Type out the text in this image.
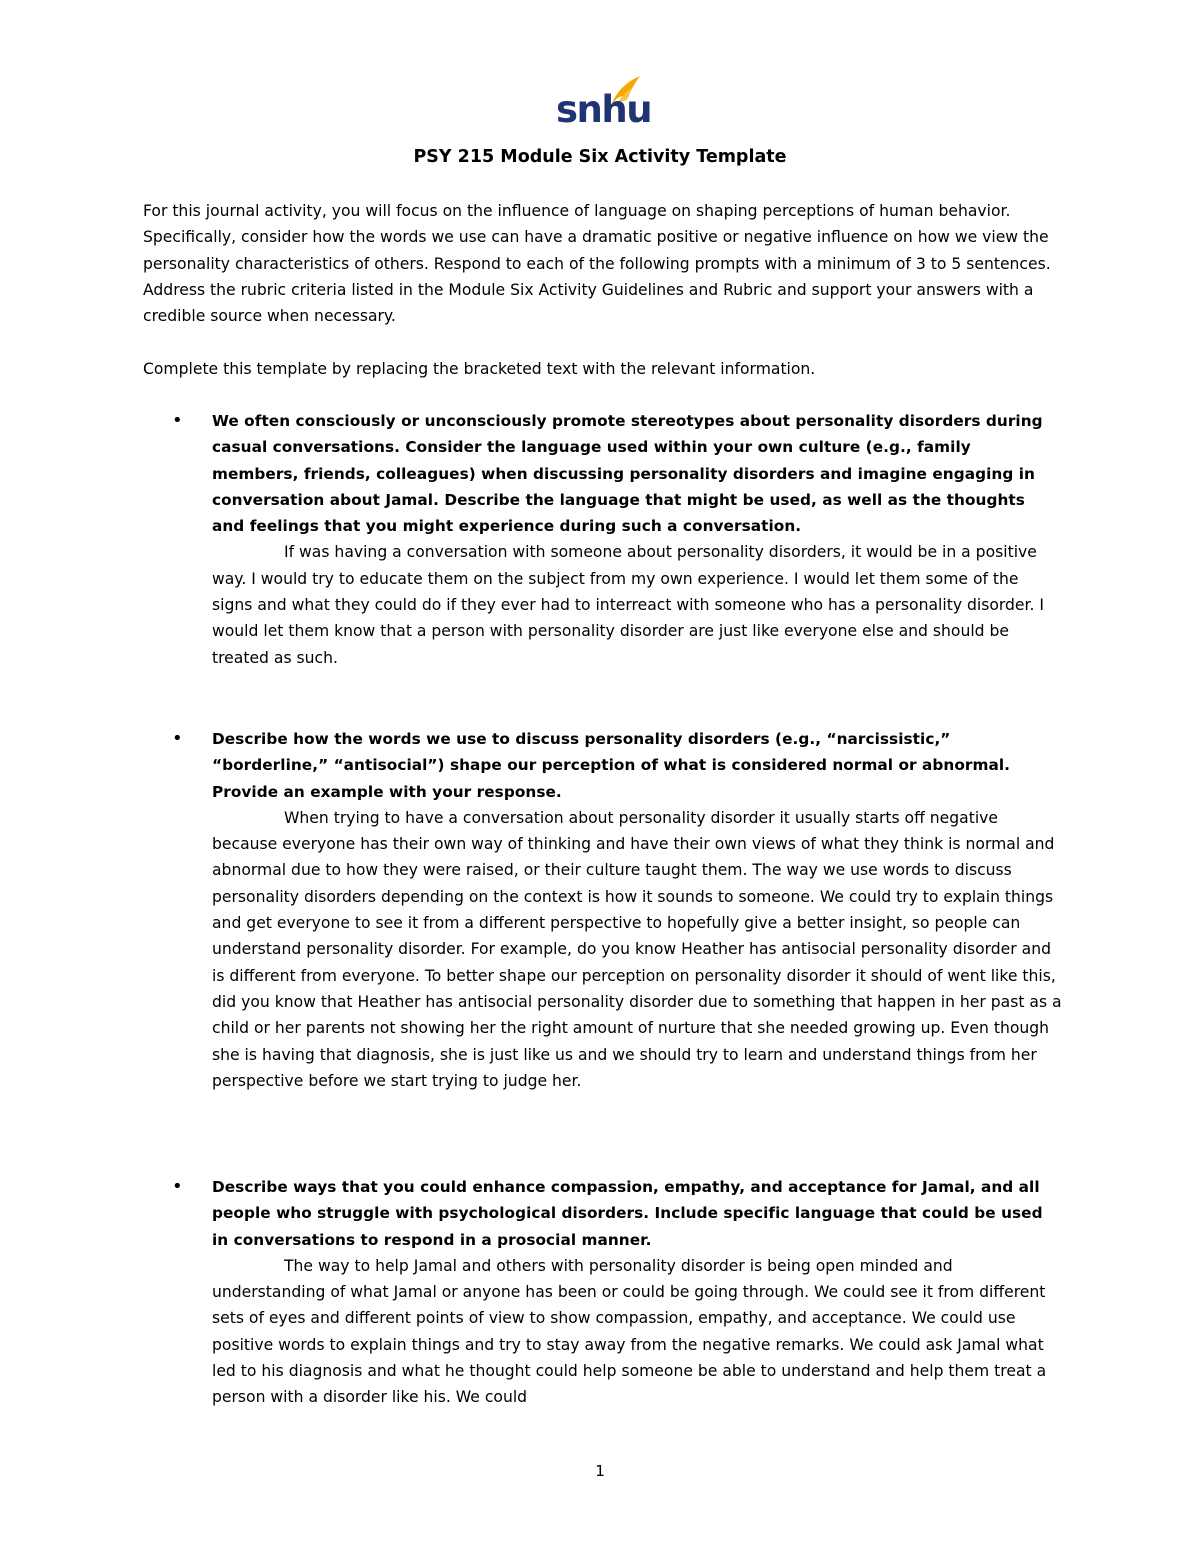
snhu
PSY 215 Module Six Activity Template

For this journal activity, you will focus on the influence of language on shaping perceptions of human behavior. Specifically, consider how the words we use can have a dramatic positive or negative influence on how we view the personality characteristics of others. Respond to each of the following prompts with a minimum of 3 to 5 sentences. Address the rubric criteria listed in the Module Six Activity Guidelines and Rubric and support your answers with a credible source when necessary.

Complete this template by replacing the bracketed text with the relevant information.

• We often consciously or unconsciously promote stereotypes about personality disorders during casual conversations. Consider the language used within your own culture (e.g., family members, friends, colleagues) when discussing personality disorders and imagine engaging in conversation about Jamal. Describe the language that might be used, as well as the thoughts and feelings that you might experience during such a conversation.

If was having a conversation with someone about personality disorders, it would be in a positive way. I would try to educate them on the subject from my own experience. I would let them some of the signs and what they could do if they ever had to interreact with someone who has a personality disorder. I would let them know that a person with personality disorder are just like everyone else and should be treated as such.

• Describe how the words we use to discuss personality disorders (e.g., “narcissistic,” “borderline,” “antisocial”) shape our perception of what is considered normal or abnormal. Provide an example with your response.

When trying to have a conversation about personality disorder it usually starts off negative because everyone has their own way of thinking and have their own views of what they think is normal and abnormal due to how they were raised, or their culture taught them. The way we use words to discuss personality disorders depending on the context is how it sounds to someone. We could try to explain things and get everyone to see it from a different perspective to hopefully give a better insight, so people can understand personality disorder. For example, do you know Heather has antisocial personality disorder and is different from everyone. To better shape our perception on personality disorder it should of went like this, did you know that Heather has antisocial personality disorder due to something that happen in her past as a child or her parents not showing her the right amount of nurture that she needed growing up. Even though she is having that diagnosis, she is just like us and we should try to learn and understand things from her perspective before we start trying to judge her.

• Describe ways that you could enhance compassion, empathy, and acceptance for Jamal, and all people who struggle with psychological disorders. Include specific language that could be used in conversations to respond in a prosocial manner.

The way to help Jamal and others with personality disorder is being open minded and understanding of what Jamal or anyone has been or could be going through. We could see it from different sets of eyes and different points of view to show compassion, empathy, and acceptance. We could use positive words to explain things and try to stay away from the negative remarks. We could ask Jamal what led to his diagnosis and what he thought could help someone be able to understand and help them treat a person with a disorder like his. We could

1
